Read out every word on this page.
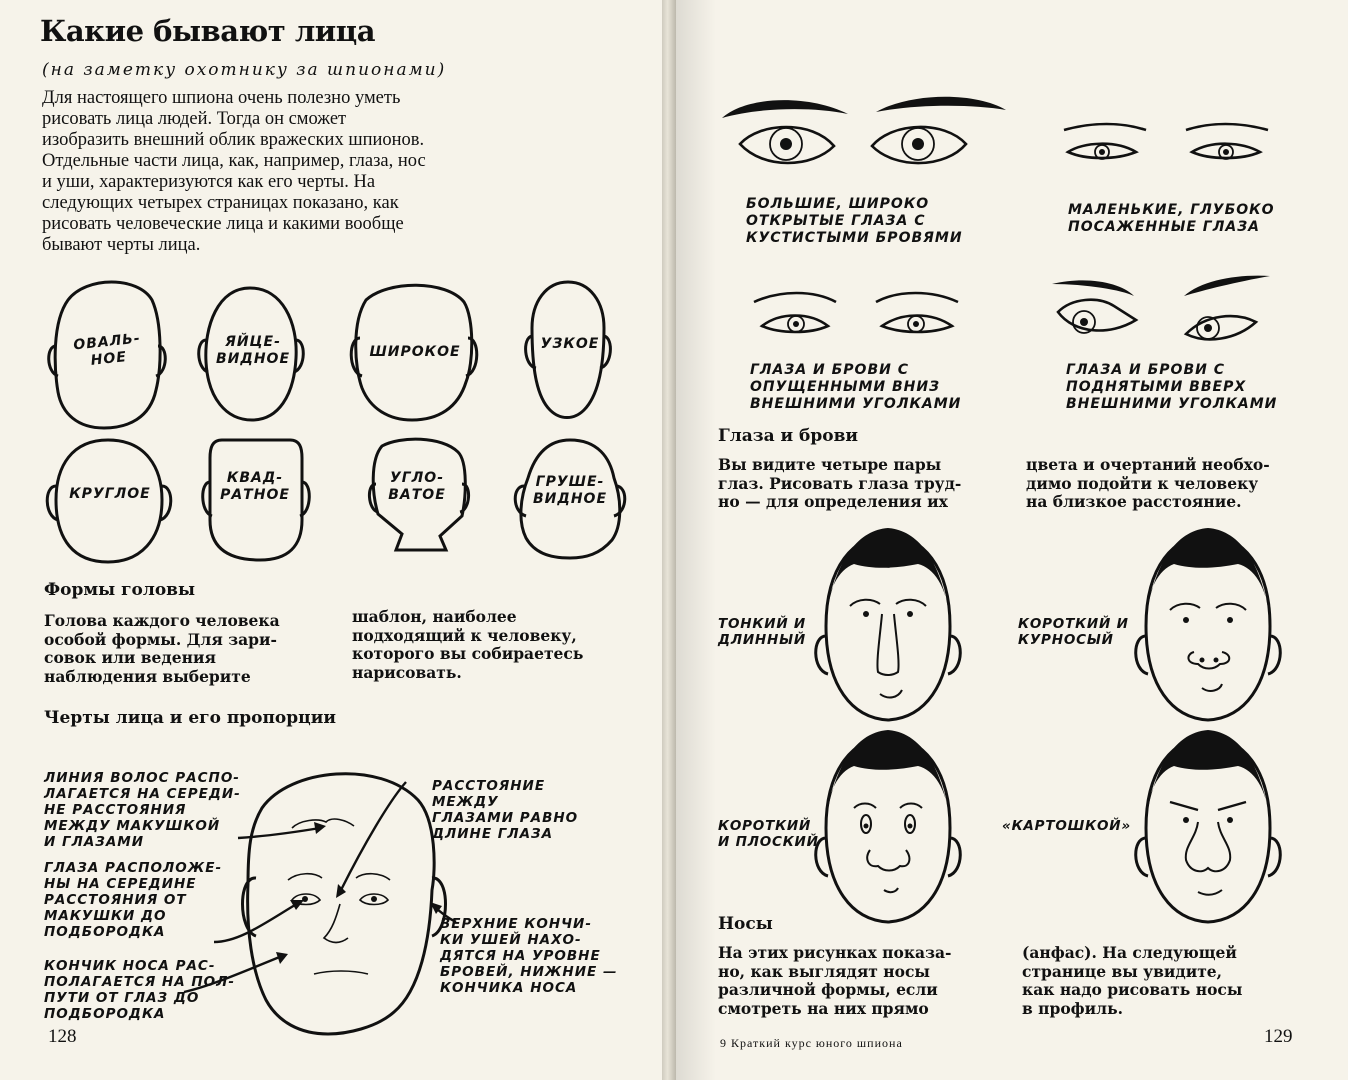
Какие бывают лица
(на заметку охотнику за шпионами)
Для настоящего шпиона очень полезно уметь
рисовать лица людей. Тогда он сможет
изобразить внешний облик вражеских шпионов.
Отдельные части лица, как, например, глаза, нос
и уши, характеризуются как его черты. На
следующих четырех страницах показано, как
рисовать человеческие лица и какими вообще
бывают черты лица.
ОВАЛЬ-
НОЕ
ЯЙЦЕ-
ВИДНОЕ	ШИРОКОЕ	УЗКОЕ
КРУГЛОЕ
КВАД-
РАТНОЕ
УГЛО-
ВАТОЕ
ГРУШЕ-
ВИДНОЕ
Формы головы
Голова каждого человека
особой формы. Для зари-
совок или ведения
наблюдения выберите
шаблон, наиболее
подходящий к человеку,
которого вы собираетесь
нарисовать.
Черты лица и его пропорции
ЛИНИЯ ВОЛОС РАСПО-
ЛАГАЕТСЯ НА СЕРЕДИ-
НЕ РАССТОЯНИЯ
МЕЖДУ МАКУШКОЙ
И ГЛАЗАМИ
ГЛАЗА РАСПОЛОЖЕ-
НЫ НА СЕРЕДИНЕ
РАССТОЯНИЯ ОТ
МАКУШКИ ДО
ПОДБОРОДКА
КОНЧИК НОСА РАС-
ПОЛАГАЕТСЯ НА ПОЛ-
ПУТИ ОТ ГЛАЗ ДО
ПОДБОРОДКА
РАССТОЯНИЕ
МЕЖДУ
ГЛАЗАМИ РАВНО
ДЛИНЕ ГЛАЗА
ВЕРХНИЕ КОНЧИ-
КИ УШЕЙ НАХО-
ДЯТСЯ НА УРОВНЕ
БРОВЕЙ, НИЖНИЕ —
КОНЧИКА НОСА
128
БОЛЬШИЕ, ШИРОКО
ОТКРЫТЫЕ ГЛАЗА С
КУСТИСТЫМИ БРОВЯМИ
МАЛЕНЬКИЕ, ГЛУБОКО
ПОСАЖЕННЫЕ ГЛАЗА
ГЛАЗА И БРОВИ С
ОПУЩЕННЫМИ ВНИЗ
ВНЕШНИМИ УГОЛКАМИ
ГЛАЗА И БРОВИ С
ПОДНЯТЫМИ ВВЕРХ
ВНЕШНИМИ УГОЛКАМИ
Глаза и брови
Вы видите четыре пары
глаз. Рисовать глаза труд-
но — для определения их
цвета и очертаний необхо-
димо подойти к человеку
на близкое расстояние.
ТОНКИЙ И
ДЛИННЫЙ
КОРОТКИЙ И
КУРНОСЫЙ
КОРОТКИЙ
И ПЛОСКИЙ
«КАРТОШКОЙ»
Носы
На этих рисунках показа-
но, как выглядят носы
различной формы, если
смотреть на них прямо
(анфас). На следующей
странице вы увидите,
как надо рисовать носы
в профиль.
9 Краткий курс юного шпиона	129
